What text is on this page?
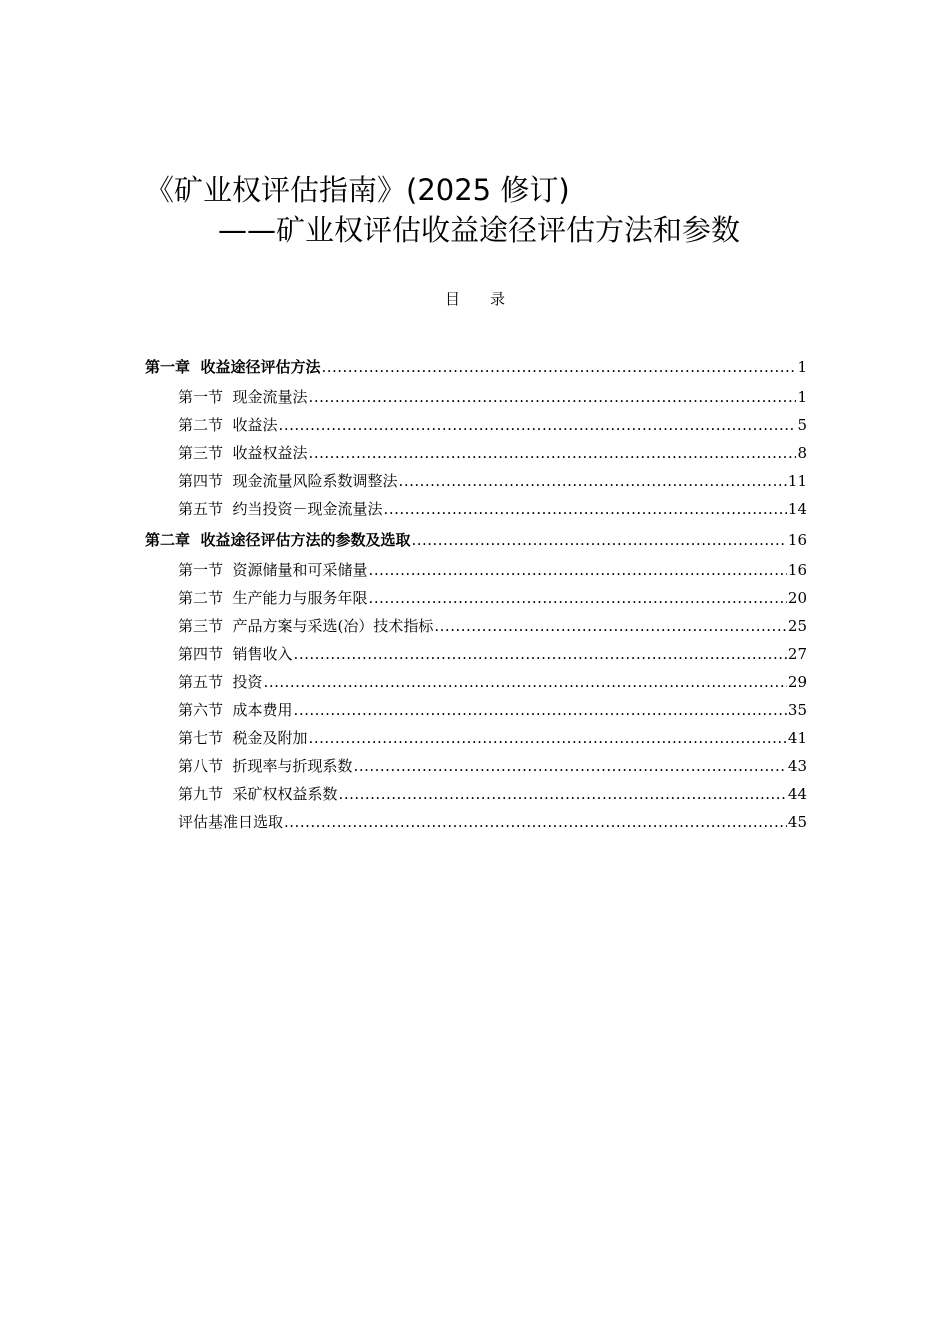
《矿业权评估指南》(2025 修订)
——矿业权评估收益途径评估方法和参数
目录
第一章  收益途径评估方法 .....	1
第一节  现金流量法 .....	1
第二节  收益法 .....	5
第三节  收益权益法 .....	8
第四节  现金流量风险系数调整法 .....	11
第五节  约当投资－现金流量法 .....	14
第二章  收益途径评估方法的参数及选取 .....	16
第一节  资源储量和可采储量 .....	16
第二节  生产能力与服务年限 .....	20
第三节  产品方案与采选(冶）技术指标 .....	25
第四节  销售收入 .....	27
第五节  投资 .....	29
第六节  成本费用 .....	35
第七节  税金及附加 .....	41
第八节  折现率与折现系数 .....	43
第九节  采矿权权益系数 .....	44
评估基准日选取 .....	45
